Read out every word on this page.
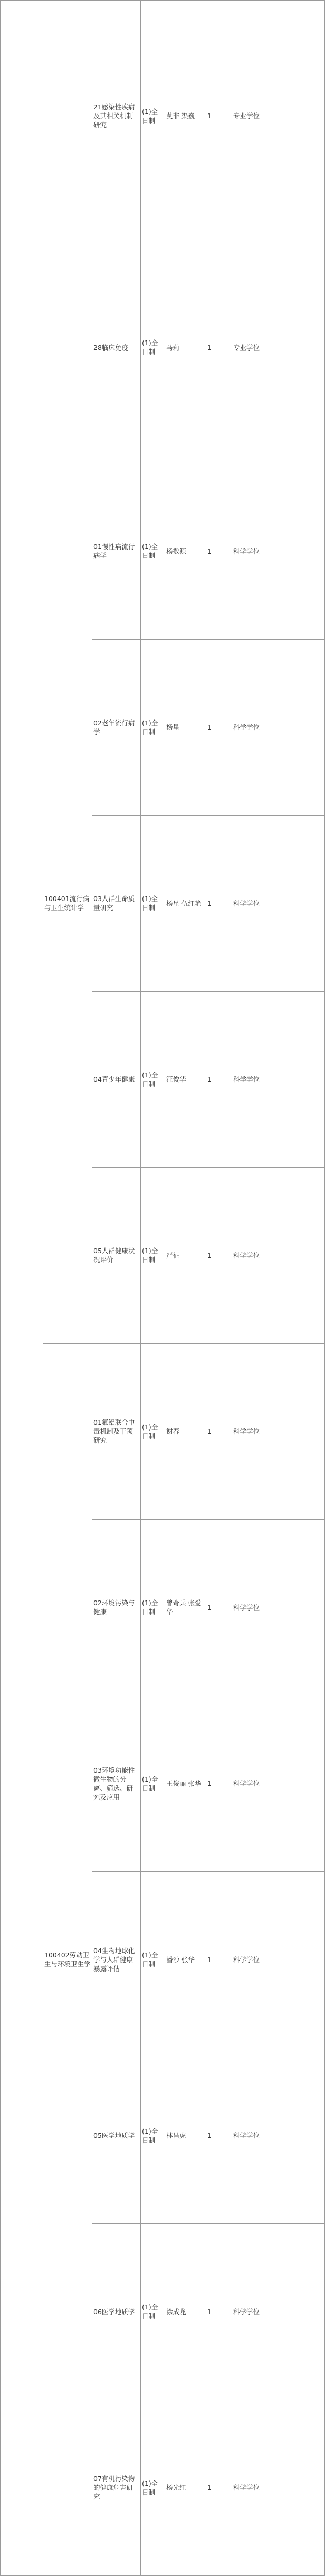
		21感染性疾病及其相关机制研究	(1)全日制	莫非 渠巍	1	专业学位	

		28临床免疫	(1)全日制	马莉	1	专业学位	

	100401流行病与卫生统计学	01慢性病流行病学	(1)全日制	杨敬源	1	科学学位	

		02老年流行病学	(1)全日制	杨星	1	科学学位	

		03人群生命质量研究	(1)全日制	杨星 伍红艳	1	科学学位	

		04青少年健康	(1)全日制	汪俊华	1	科学学位	

		05人群健康状况评价	(1)全日制	严征	1	科学学位	

	100402劳动卫生与环境卫生学	01氟铝联合中毒机制及干预研究	(1)全日制	谢春	1	科学学位	

		02环境污染与健康	(1)全日制	曾奇兵 张爱华	1	科学学位	

		03环境功能性微生物的分离、筛选、研究及应用	(1)全日制	王俊丽 张华	1	科学学位	

		04生物地球化学与人群健康暴露评估	(1)全日制	潘沙 张华	1	科学学位	

		05医学地质学	(1)全日制	林昌虎	1	科学学位	

		06医学地质学	(1)全日制	涂成龙	1	科学学位	

		07有机污染物的健康危害研究	(1)全日制	杨光红	1	科学学位	
